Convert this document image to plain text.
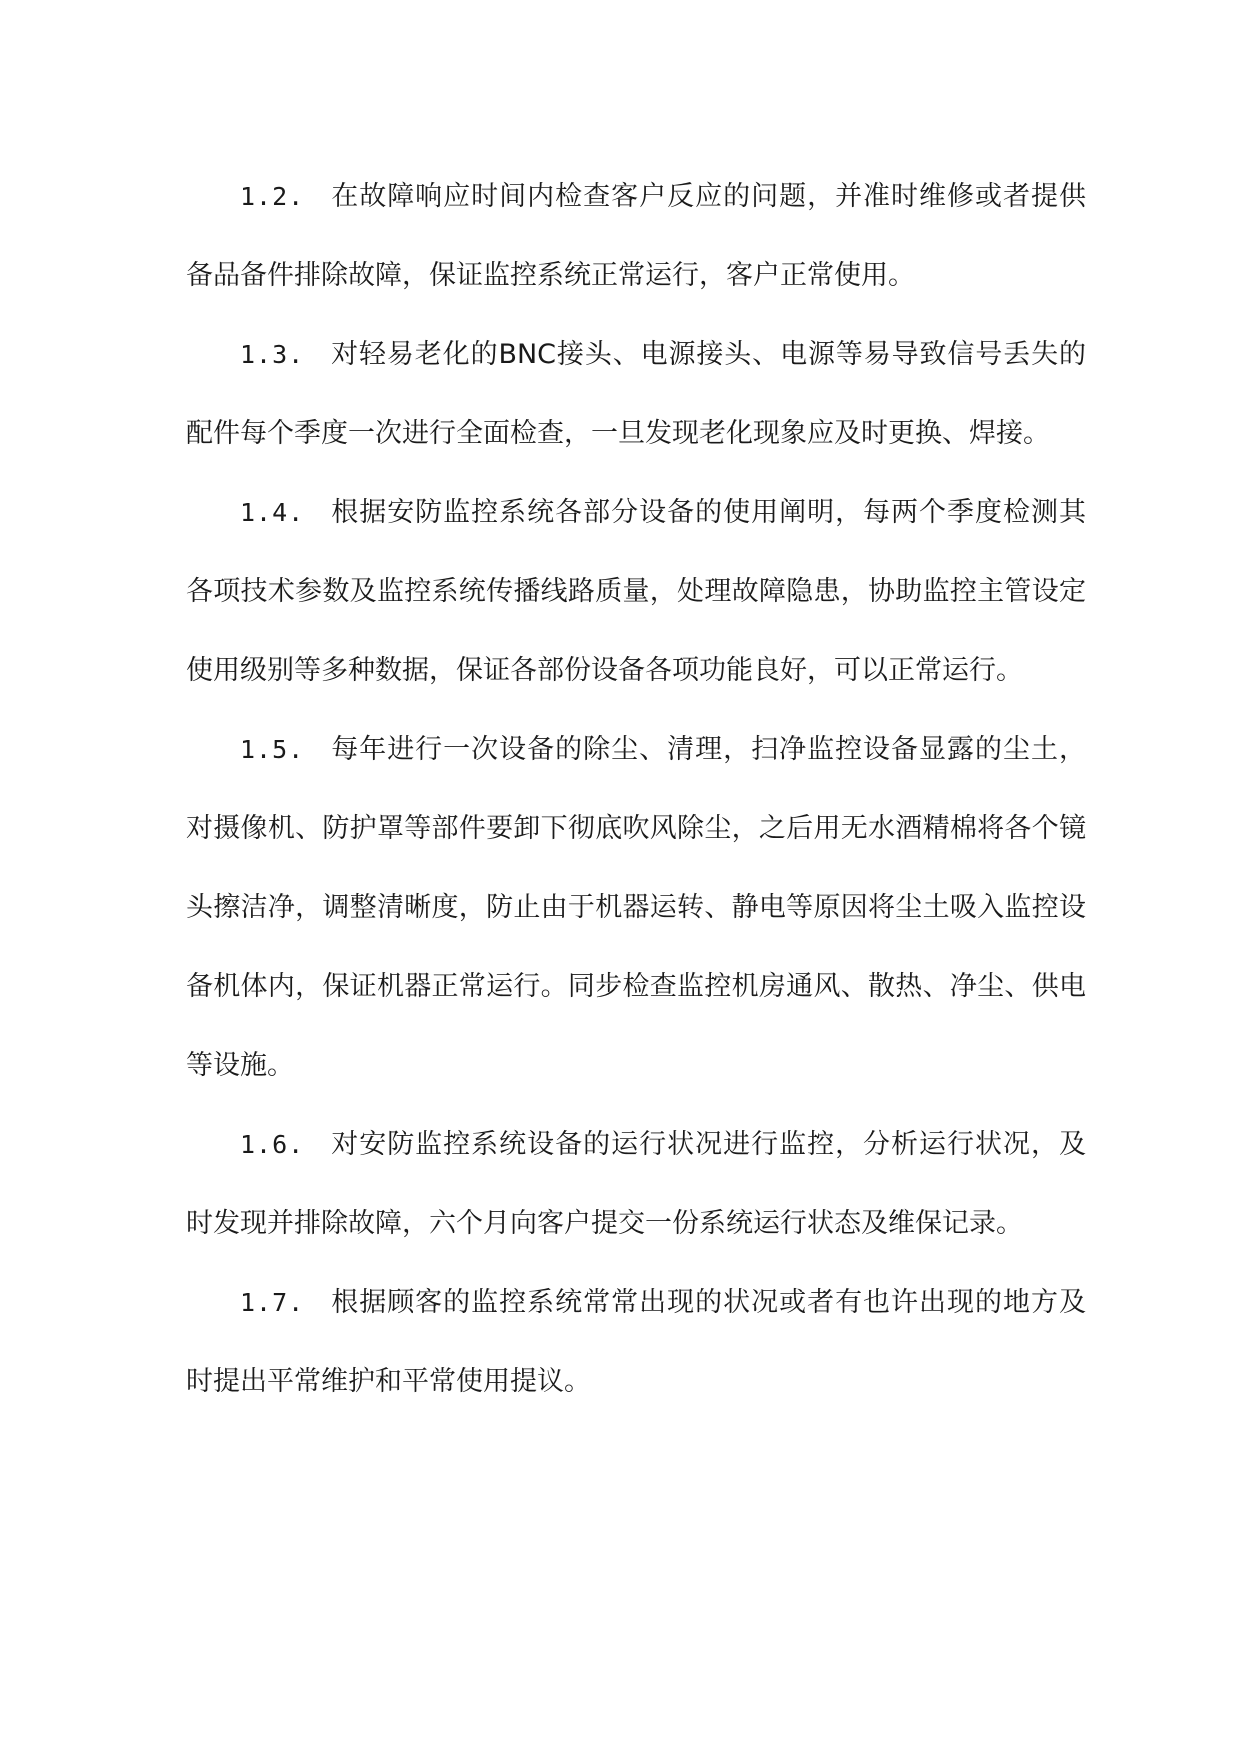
1.2. 在故障响应时间内检查客户反应的问题，并准时维修或者提供备品备件排除故障，保证监控系统正常运行，客户正常使用。

1.3. 对轻易老化的BNC接头、电源接头、电源等易导致信号丢失的配件每个季度一次进行全面检查，一旦发现老化现象应及时更换、焊接。

1.4. 根据安防监控系统各部分设备的使用阐明，每两个季度检测其各项技术参数及监控系统传播线路质量，处理故障隐患，协助监控主管设定使用级别等多种数据，保证各部份设备各项功能良好，可以正常运行。

1.5. 每年进行一次设备的除尘、清理，扫净监控设备显露的尘土，对摄像机、防护罩等部件要卸下彻底吹风除尘，之后用无水酒精棉将各个镜头擦洁净，调整清晰度，防止由于机器运转、静电等原因将尘土吸入监控设备机体内，保证机器正常运行。同步检查监控机房通风、散热、净尘、供电等设施。

1.6. 对安防监控系统设备的运行状况进行监控，分析运行状况，及时发现并排除故障，六个月向客户提交一份系统运行状态及维保记录。

1.7. 根据顾客的监控系统常常出现的状况或者有也许出现的地方及时提出平常维护和平常使用提议。
